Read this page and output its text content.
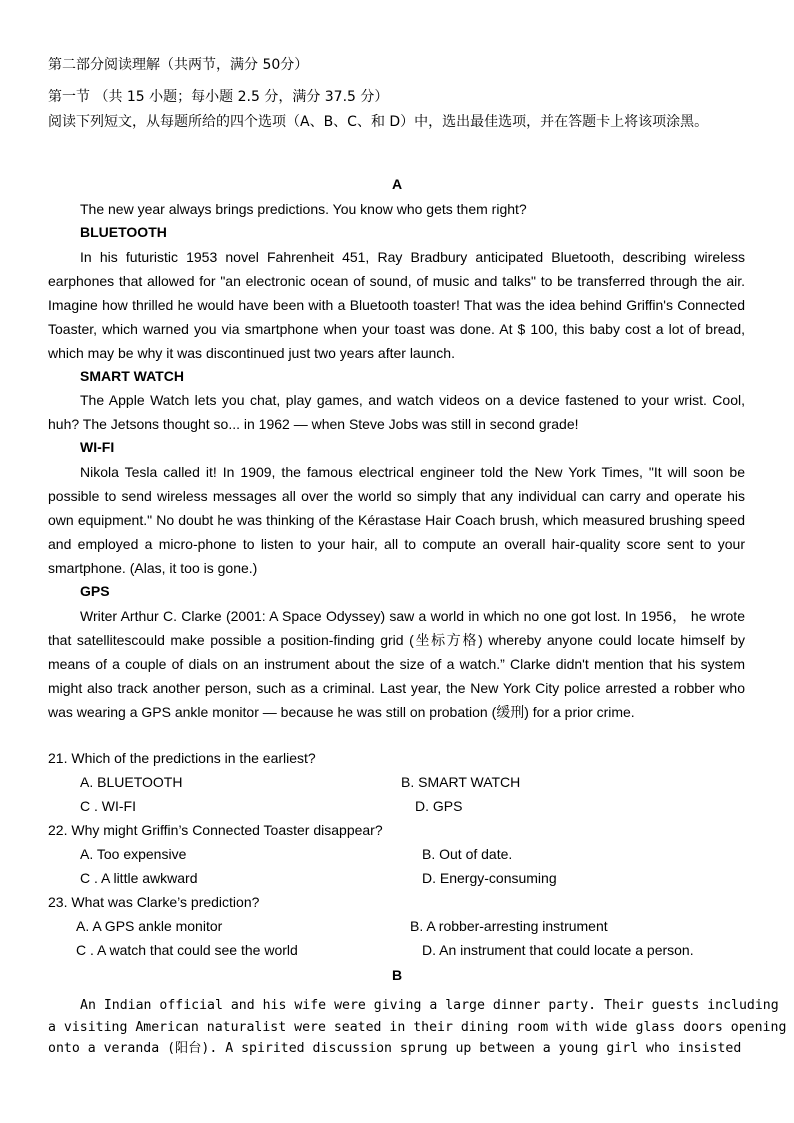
第二部分阅读理解（共两节，满分 50分）
第一节 （共 15 小题；每小题 2.5 分，满分 37.5 分）
阅读下列短文，从每题所给的四个选项（A、B、C、和 D）中，选出最佳选项，并在答题卡上将该项涂黑。
A
The new year always brings predictions. You know who gets them right?
BLUETOOTH
In his futuristic 1953 novel Fahrenheit 451, Ray Bradbury anticipated Bluetooth, describing wireless earphones that allowed for "an electronic ocean of sound, of music and talks" to be transferred through the air. Imagine how thrilled he would have been with a Bluetooth toaster! That was the idea behind Griffin's Connected Toaster, which warned you via smartphone when your toast was done. At $ 100, this baby cost a lot of bread, which may be why it was discontinued just two years after launch.
SMART WATCH
The Apple Watch lets you chat, play games, and watch videos on a device fastened to your wrist. Cool, huh? The Jetsons thought so... in 1962 — when Steve Jobs was still in second grade!
WI-FI
Nikola Tesla called it! In 1909, the famous electrical engineer told the New York Times, "It will soon be possible to send wireless messages all over the world so simply that any individual can carry and operate his own equipment." No doubt he was thinking of the Kérastase Hair Coach brush, which measured brushing speed and employed a micro-phone to listen to your hair, all to compute an overall hair-quality score sent to your smartphone. (Alas, it too is gone.)
GPS
Writer Arthur C. Clarke (2001: A Space Odyssey) saw a world in which no one got lost. In 1956， he wrote that satellitescould make possible a position-finding grid (坐标方格) whereby anyone could locate himself by means of a couple of dials on an instrument about the size of a watch.” Clarke didn't mention that his system might also track another person, such as a criminal. Last year, the New York City police arrested a robber who was wearing a GPS ankle monitor — because he was still on probation (缓刑) for a prior crime.
21. Which of the predictions in the earliest?
A. BLUETOOTH	B. SMART WATCH
C . WI-FI	D. GPS
22. Why might Griffin’s Connected Toaster disappear?
A. Too expensive	B. Out of date.
C . A little awkward	D. Energy-consuming
23. What was Clarke’s prediction?
A. A GPS ankle monitor	B. A robber-arresting instrument
C . A watch that could see the world	D. An instrument that could locate a person.
B
An Indian official and his wife were giving a large dinner party. Their guests including
a visiting American naturalist were seated in their dining room with wide glass doors opening
onto a veranda (阳台). A spirited discussion sprung up between a young girl who insisted
